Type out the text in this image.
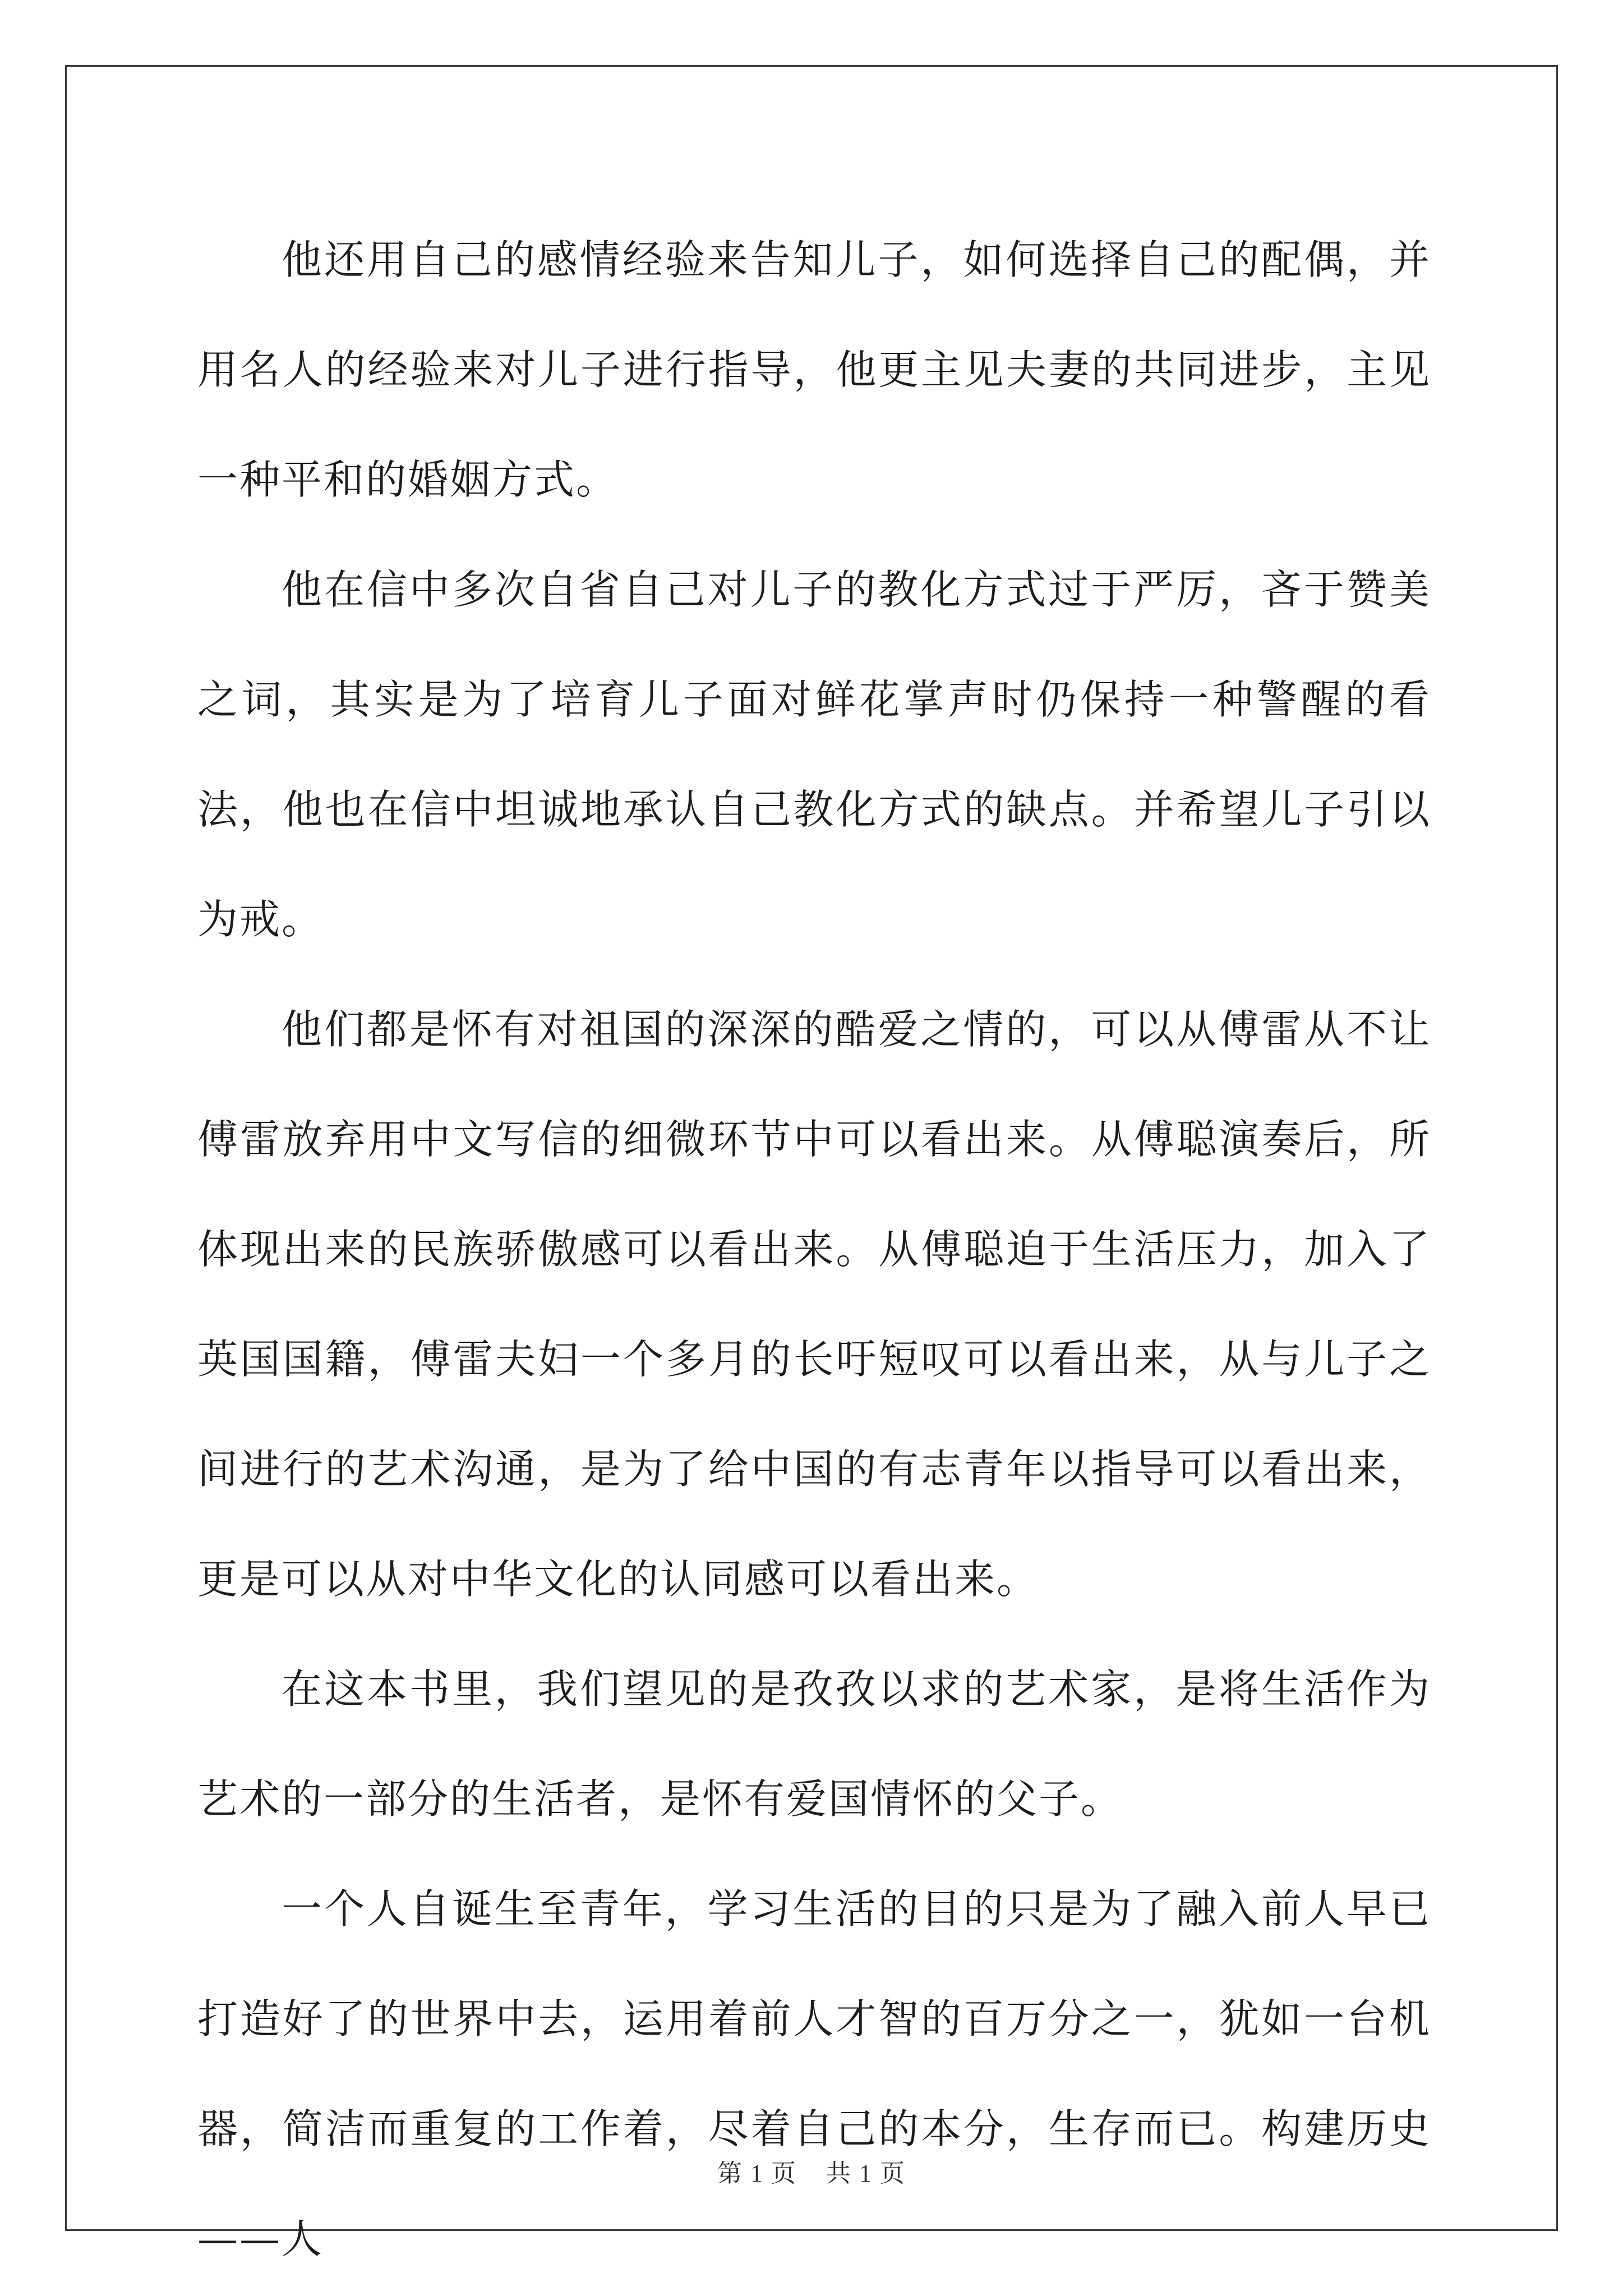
他还用自己的感情经验来告知儿子，如何选择自己的配偶，并用名人的经验来对儿子进行指导，他更主见夫妻的共同进步，主见一种平和的婚姻方式。

他在信中多次自省自己对儿子的教化方式过于严厉，吝于赞美之词，其实是为了培育儿子面对鲜花掌声时仍保持一种警醒的看法，他也在信中坦诚地承认自己教化方式的缺点。并希望儿子引以为戒。

他们都是怀有对祖国的深深的酷爱之情的，可以从傅雷从不让傅雷放弃用中文写信的细微环节中可以看出来。从傅聪演奏后，所体现出来的民族骄傲感可以看出来。从傅聪迫于生活压力，加入了英国国籍，傅雷夫妇一个多月的长吁短叹可以看出来，从与儿子之间进行的艺术沟通，是为了给中国的有志青年以指导可以看出来，更是可以从对中华文化的认同感可以看出来。

在这本书里，我们望见的是孜孜以求的艺术家，是将生活作为艺术的一部分的生活者，是怀有爱国情怀的父子。

一个人自诞生至青年，学习生活的目的只是为了融入前人早已打造好了的世界中去，运用着前人才智的百万分之一，犹如一台机器，简洁而重复的工作着，尽着自己的本分，生存而已。构建历史——人

第 1 页    共 1 页
